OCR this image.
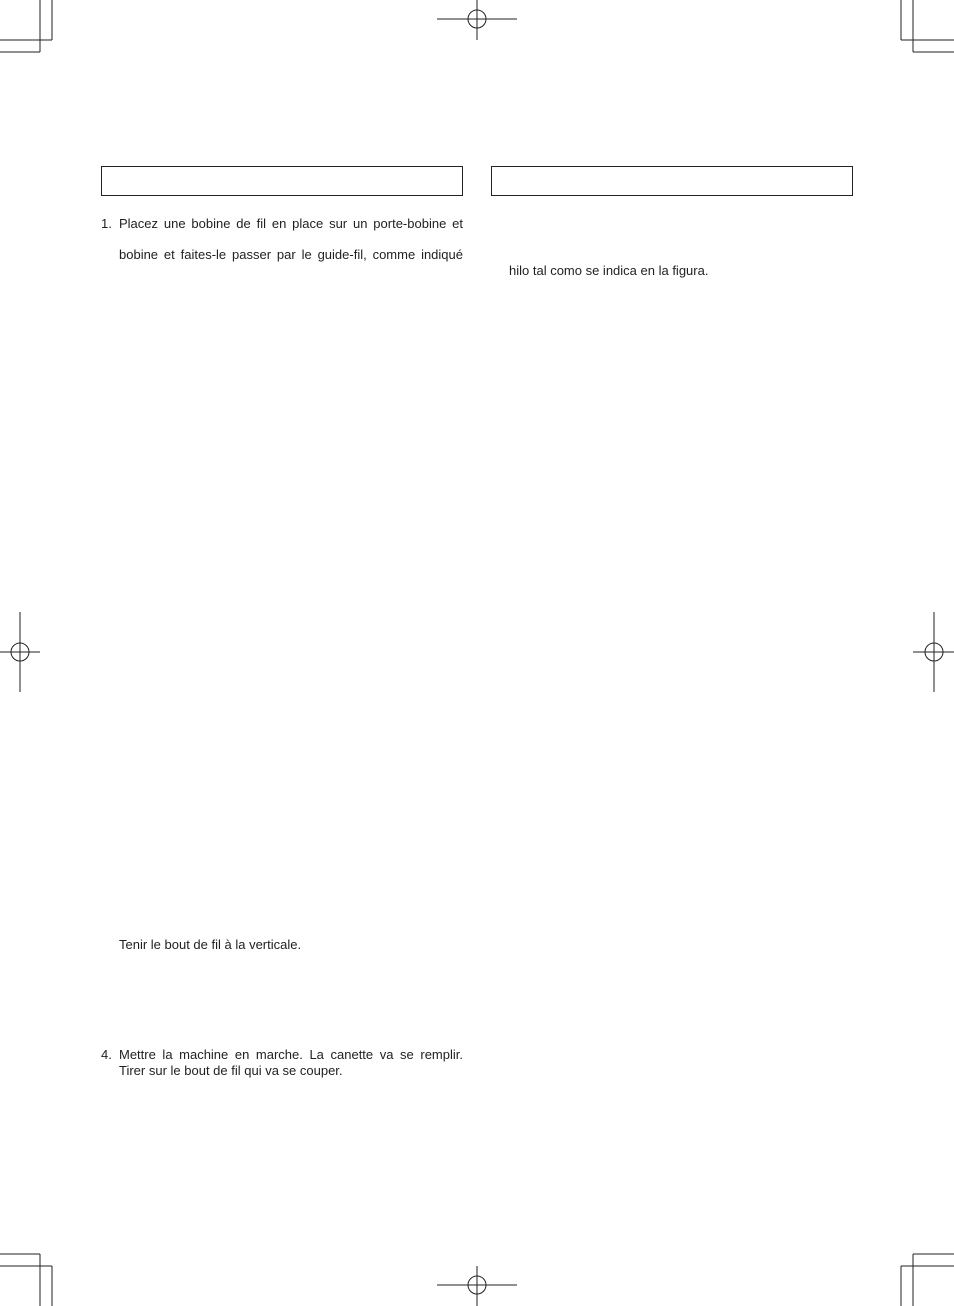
1. Placez une bobine de fil en place sur un porte-bobine et
bobine et faites-le passer par le guide-fil, comme indiqué
Tenir le bout de fil à la verticale.
4. Mettre la machine en marche. La canette va se remplir.
Tirer sur le bout de fil qui va se couper.
hilo tal como se indica en la figura.
